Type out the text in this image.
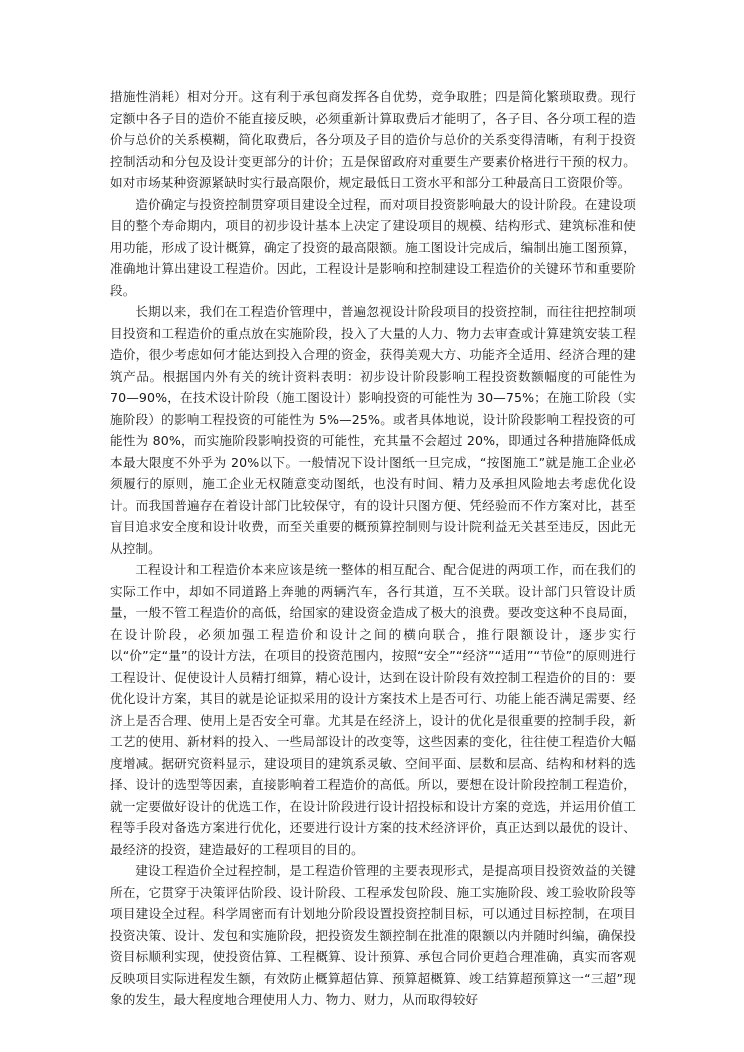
措施性消耗）相对分开。这有利于承包商发挥各自优势，竞争取胜；四是简化繁琐取费。现行定额中各子目的造价不能直接反映，必须重新计算取费后才能明了，各子目、各分项工程的造价与总价的关系模糊，简化取费后，各分项及子目的造价与总价的关系变得清晰，有利于投资控制活动和分包及设计变更部分的计价；五是保留政府对重要生产要素价格进行干预的权力。如对市场某种资源紧缺时实行最高限价，规定最低日工资水平和部分工种最高日工资限价等。

造价确定与投资控制贯穿项目建设全过程，而对项目投资影响最大的设计阶段。在建设项目的整个寿命期内，项目的初步设计基本上决定了建设项目的规模、结构形式、建筑标准和使用功能，形成了设计概算，确定了投资的最高限额。施工图设计完成后，编制出施工图预算，准确地计算出建设工程造价。因此，工程设计是影响和控制建设工程造价的关键环节和重要阶段。

长期以来，我们在工程造价管理中，普遍忽视设计阶段项目的投资控制，而往往把控制项目投资和工程造价的重点放在实施阶段，投入了大量的人力、物力去审查或计算建筑安装工程造价，很少考虑如何才能达到投入合理的资金，获得美观大方、功能齐全适用、经济合理的建筑产品。根据国内外有关的统计资料表明：初步设计阶段影响工程投资数额幅度的可能性为 70—90%，在技术设计阶段（施工图设计）影响投资的可能性为 30—75%；在施工阶段（实施阶段）的影响工程投资的可能性为 5%—25%。或者具体地说，设计阶段影响工程投资的可能性为 80%，而实施阶段影响投资的可能性，充其量不会超过 20%，即通过各种措施降低成本最大限度不外乎为 20%以下。一般情况下设计图纸一旦完成，“按图施工”就是施工企业必须履行的原则，施工企业无权随意变动图纸，也没有时间、精力及承担风险地去考虑优化设计。而我国普遍存在着设计部门比较保守，有的设计只图方便、凭经验而不作方案对比，甚至盲目追求安全度和设计收费，而至关重要的概预算控制则与设计院利益无关甚至违反，因此无从控制。

工程设计和工程造价本来应该是统一整体的相互配合、配合促进的两项工作，而在我们的实际工作中，却如不同道路上奔驰的两辆汽车，各行其道，互不关联。设计部门只管设计质量，一般不管工程造价的高低，给国家的建设资金造成了极大的浪费。要改变这种不良局面，在设计阶段，必须加强工程造价和设计之间的横向联合，推行限额设计，逐步实行以“价”定“量”的设计方法，在项目的投资范围内，按照“安全”“经济”“适用”“节俭”的原则进行工程设计、促使设计人员精打细算，精心设计，达到在设计阶段有效控制工程造价的目的：要优化设计方案，其目的就是论证拟采用的设计方案技术上是否可行、功能上能否满足需要、经济上是否合理、使用上是否安全可靠。尤其是在经济上，设计的优化是很重要的控制手段，新工艺的使用、新材料的投入、一些局部设计的改变等，这些因素的变化，往往使工程造价大幅度增减。据研究资料显示，建设项目的建筑系灵敏、空间平面、层数和层高、结构和材料的选择、设计的选型等因素，直接影响着工程造价的高低。所以，要想在设计阶段控制工程造价，就一定要做好设计的优选工作，在设计阶段进行设计招投标和设计方案的竞选，并运用价值工程等手段对备选方案进行优化，还要进行设计方案的技术经济评价，真正达到以最优的设计、最经济的投资，建造最好的工程项目的目的。

建设工程造价全过程控制，是工程造价管理的主要表现形式，是提高项目投资效益的关键所在，它贯穿于决策评估阶段、设计阶段、工程承发包阶段、施工实施阶段、竣工验收阶段等项目建设全过程。科学周密而有计划地分阶段设置投资控制目标，可以通过目标控制，在项目投资决策、设计、发包和实施阶段，把投资发生额控制在批准的限额以内并随时纠编，确保投资目标顺利实现，使投资估算、工程概算、设计预算、承包合同价更趋合理准确，真实而客观反映项目实际进程发生额，有效防止概算超估算、预算超概算、竣工结算超预算这一“三超”现象的发生，最大程度地合理使用人力、物力、财力，从而取得较好
